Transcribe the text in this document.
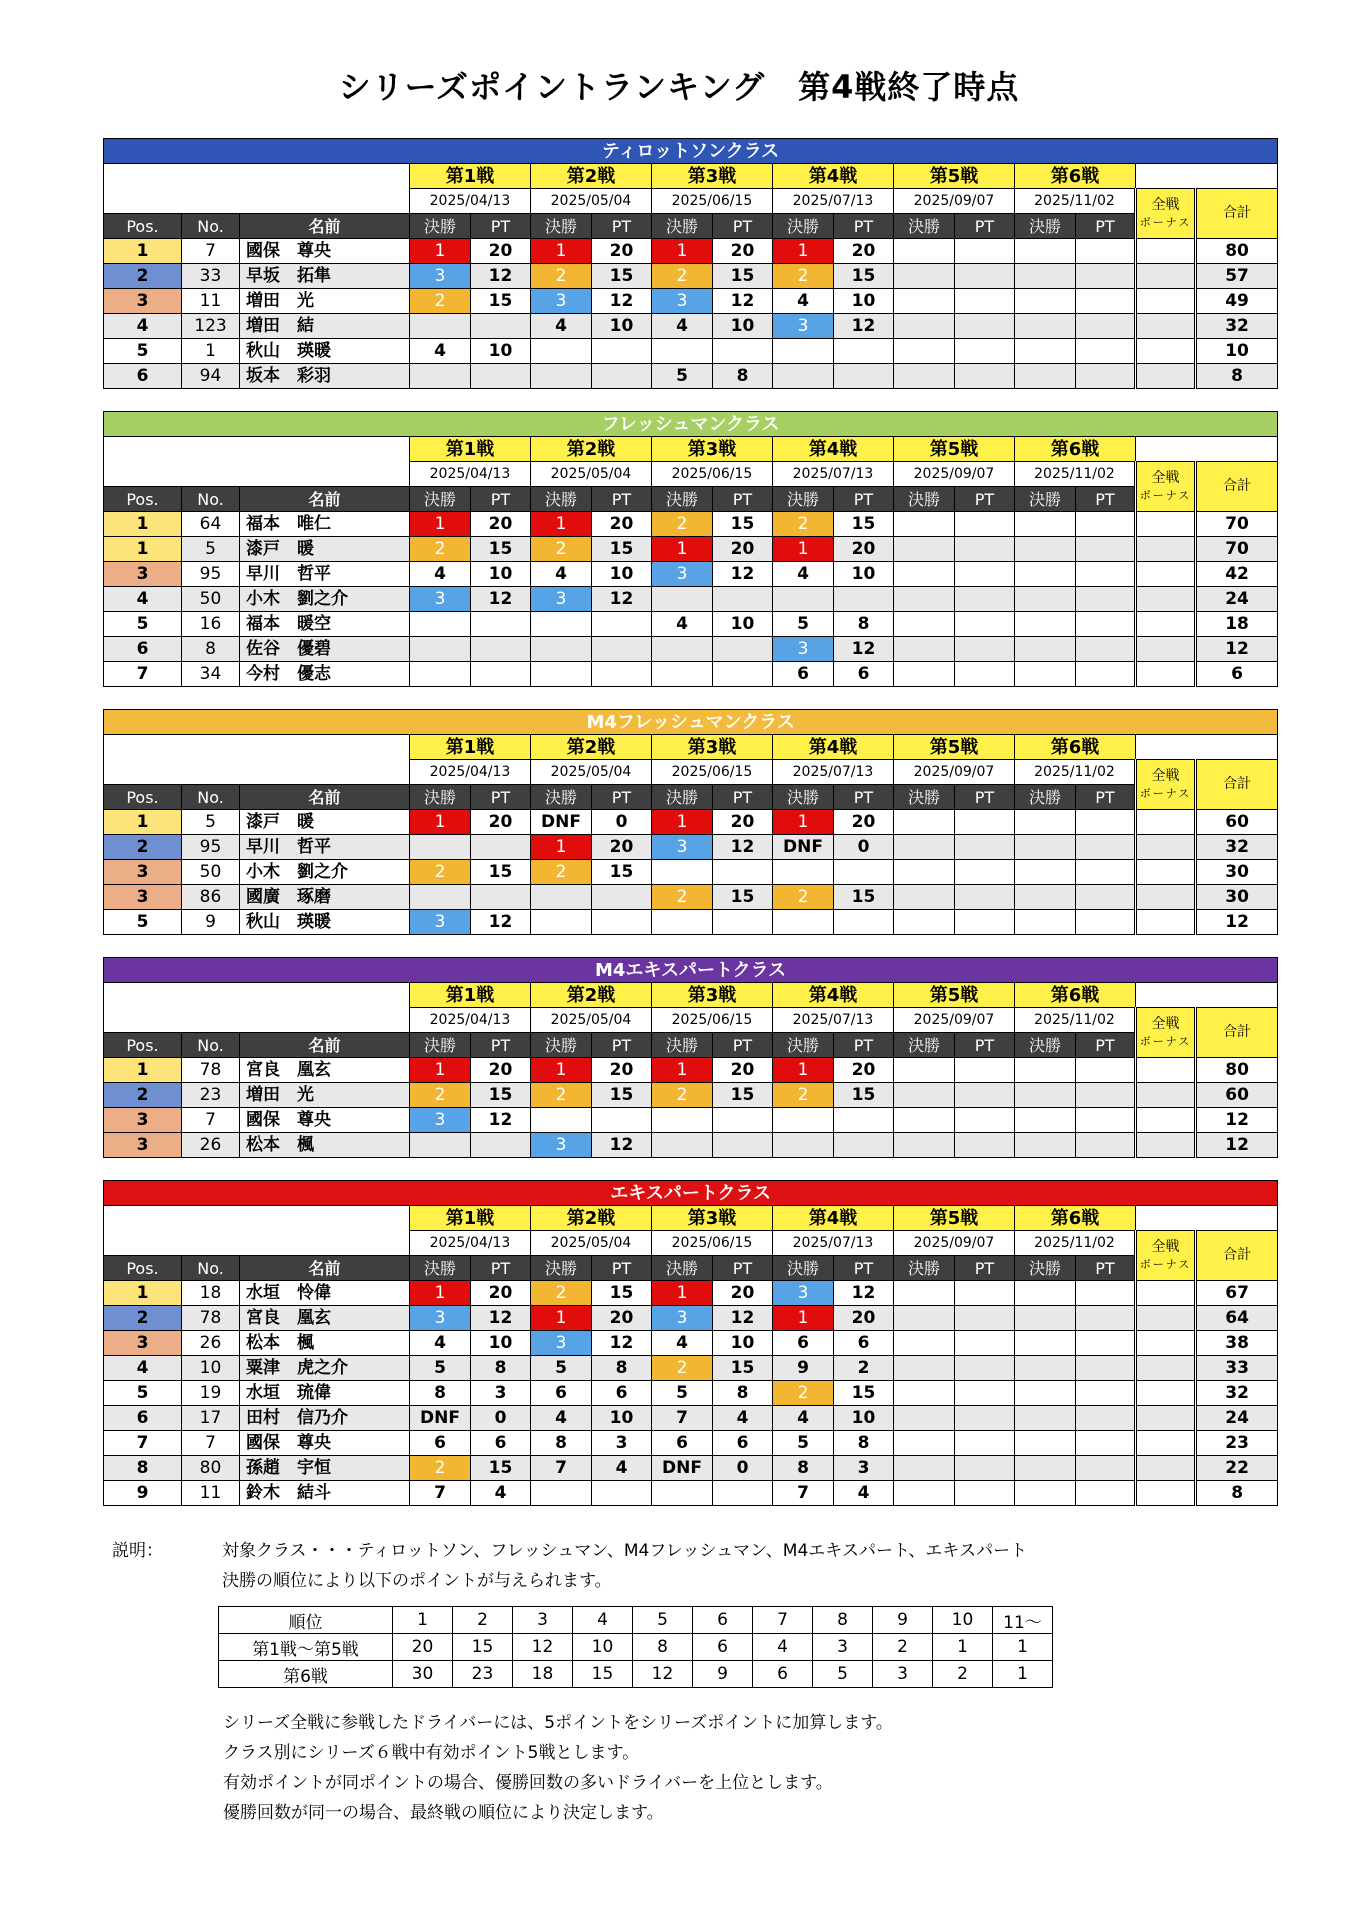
シリーズポイントランキング　第4戦終了時点
ティロットソンクラス																
			第1戦		第2戦		第3戦		第4戦		第5戦		第6戦			
			2025/04/13		2025/05/04		2025/06/15		2025/07/13		2025/09/07		2025/11/02		全戦
ボーナス	合計
Pos.	No.	名前	決勝	PT	決勝	PT	決勝	PT	決勝	PT	決勝	PT	決勝	PT		
1	7	國保　尊央	1	20	1	20	1	20	1	20						80
2	33	早坂　拓隼	3	12	2	15	2	15	2	15						57
3	11	増田　光	2	15	3	12	3	12	4	10						49
4	123	増田　結			4	10	4	10	3	12						32
5	1	秋山　瑛暖	4	10												10
6	94	坂本　彩羽					5	8								8
フレッシュマンクラス																
			第1戦		第2戦		第3戦		第4戦		第5戦		第6戦			
			2025/04/13		2025/05/04		2025/06/15		2025/07/13		2025/09/07		2025/11/02		全戦
ボーナス	合計
Pos.	No.	名前	決勝	PT	決勝	PT	決勝	PT	決勝	PT	決勝	PT	決勝	PT		
1	64	福本　唯仁	1	20	1	20	2	15	2	15						70
1	5	漆戸　暖	2	15	2	15	1	20	1	20						70
3	95	早川　哲平	4	10	4	10	3	12	4	10						42
4	50	小木　劉之介	3	12	3	12										24
5	16	福本　暖空					4	10	5	8						18
6	8	佐谷　優碧							3	12						12
7	34	今村　優志							6	6						6
M4フレッシュマンクラス																
			第1戦		第2戦		第3戦		第4戦		第5戦		第6戦			
			2025/04/13		2025/05/04		2025/06/15		2025/07/13		2025/09/07		2025/11/02		全戦
ボーナス	合計
Pos.	No.	名前	決勝	PT	決勝	PT	決勝	PT	決勝	PT	決勝	PT	決勝	PT		
1	5	漆戸　暖	1	20	DNF	0	1	20	1	20						60
2	95	早川　哲平			1	20	3	12	DNF	0						32
3	50	小木　劉之介	2	15	2	15										30
3	86	國廣　琢磨					2	15	2	15						30
5	9	秋山　瑛暖	3	12												12
M4エキスパートクラス																
			第1戦		第2戦		第3戦		第4戦		第5戦		第6戦			
			2025/04/13		2025/05/04		2025/06/15		2025/07/13		2025/09/07		2025/11/02		全戦
ボーナス	合計
Pos.	No.	名前	決勝	PT	決勝	PT	決勝	PT	決勝	PT	決勝	PT	決勝	PT		
1	78	宮良　凰玄	1	20	1	20	1	20	1	20						80
2	23	増田　光	2	15	2	15	2	15	2	15						60
3	7	國保　尊央	3	12												12
3	26	松本　楓			3	12										12
エキスパートクラス																
			第1戦		第2戦		第3戦		第4戦		第5戦		第6戦			
			2025/04/13		2025/05/04		2025/06/15		2025/07/13		2025/09/07		2025/11/02		全戦
ボーナス	合計
Pos.	No.	名前	決勝	PT	決勝	PT	決勝	PT	決勝	PT	決勝	PT	決勝	PT		
1	18	水垣　怜偉	1	20	2	15	1	20	3	12						67
2	78	宮良　凰玄	3	12	1	20	3	12	1	20						64
3	26	松本　楓	4	10	3	12	4	10	6	6						38
4	10	粟津　虎之介	5	8	5	8	2	15	9	2						33
5	19	水垣　琉偉	8	3	6	6	5	8	2	15						32
6	17	田村　信乃介	DNF	0	4	10	7	4	4	10						24
7	7	國保　尊央	6	6	8	3	6	6	5	8						23
8	80	孫趙　宇恒	2	15	7	4	DNF	0	8	3						22
9	11	鈴木　結斗	7	4					7	4						8
説明：	対象クラス・・・ティロットソン、フレッシュマン、M4フレッシュマン、M4エキスパート、エキスパート
決勝の順位により以下のポイントが与えられます。
順位	1	2	3	4	5	6	7	8	9	10	11～
第1戦～第5戦	20	15	12	10	8	6	4	3	2	1	1
第6戦	30	23	18	15	12	9	6	5	3	2	1
シリーズ全戦に参戦したドライバーには、5ポイントをシリーズポイントに加算します。
クラス別にシリーズ６戦中有効ポイント5戦とします。
有効ポイントが同ポイントの場合、優勝回数の多いドライバーを上位とします。
優勝回数が同一の場合、最終戦の順位により決定します。
